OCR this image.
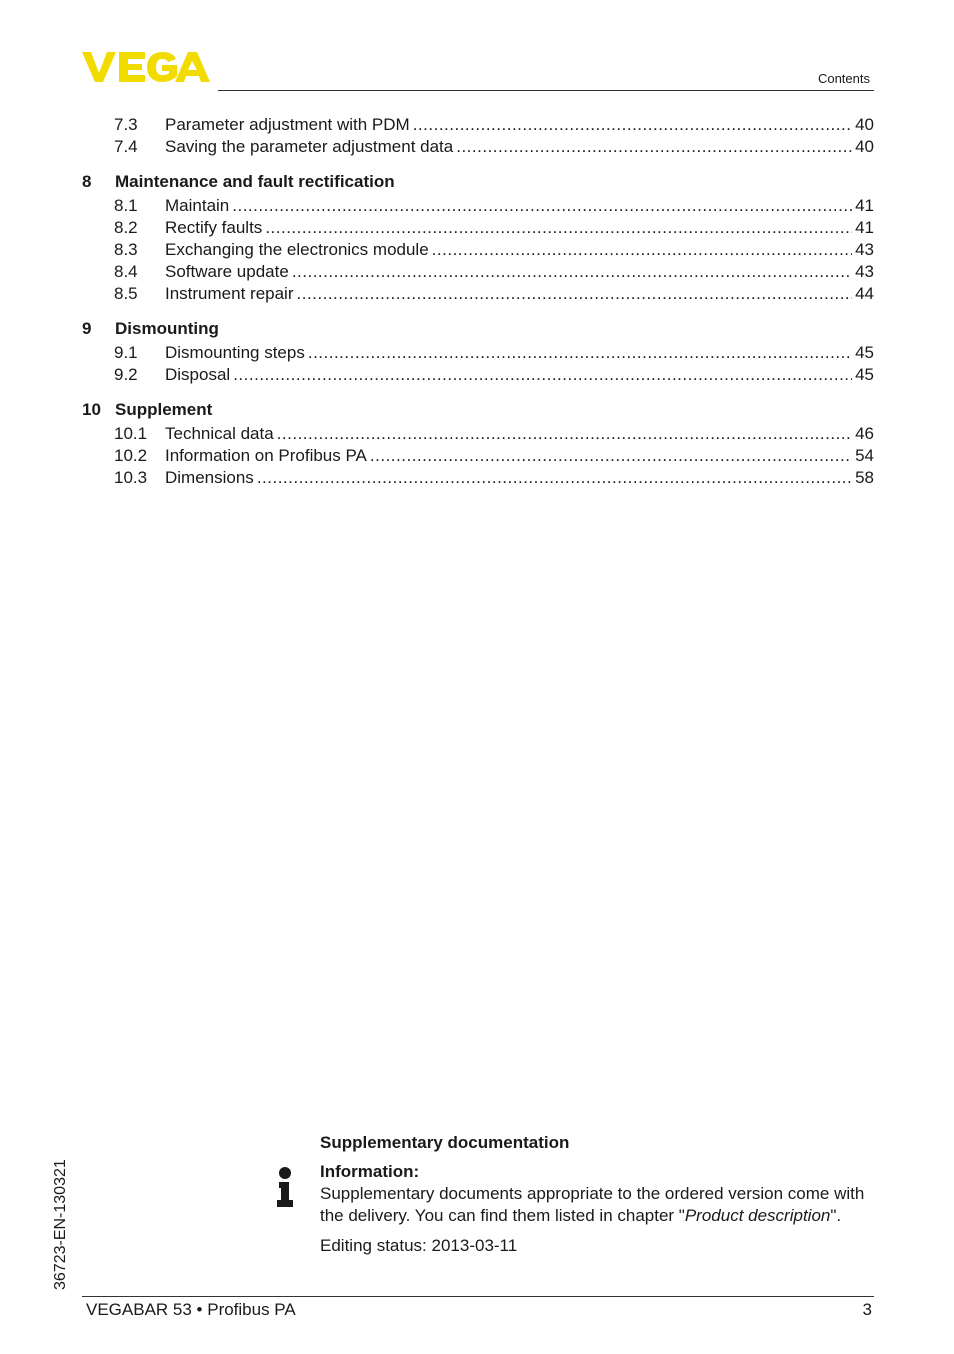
Contents
7.3	Parameter adjustment with PDM .....	40
7.4	Saving the parameter adjustment data .....	40
8	Maintenance and fault rectification
8.1	Maintain .....	41
8.2	Rectify faults .....	41
8.3	Exchanging the electronics module .....	43
8.4	Software update .....	43
8.5	Instrument repair .....	44
9	Dismounting
9.1	Dismounting steps .....	45
9.2	Disposal .....	45
10 Supplement
10.1	Technical data .....	46
10.2	Information on Profibus PA .....	54
10.3	Dimensions .....	58
36723-EN-130321
Supplementary documentation
Information:
Supplementary documents appropriate to the ordered version come with the delivery. You can find them listed in chapter "Product description".
Editing status: 2013-03-11
VEGABAR 53 • Profibus PA	3
